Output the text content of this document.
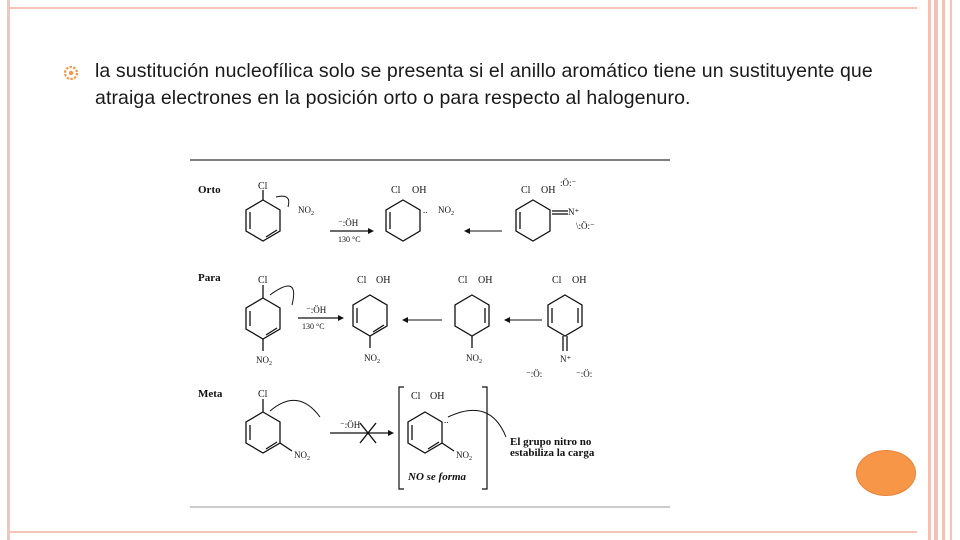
la sustitución nucleofílica solo se presenta si el anillo aromático tiene un sustituyente que atraiga electrones en la posición orto o para respecto al halogenuro.
Orto	Cl
$NO_2$
⁻:ÖH
130 °C
Cl OH
.. $NO_2$
Cl OH
:Ö:⁻
N⁺
\:Ö:⁻
Para	Cl
$NO_2$
⁻:ÖH
130 °C
Cl OH
$NO_2$
Cl OH
$NO_2$
Cl OH
N⁺
⁻:Ö:	⁻:Ö:
Meta	Cl
$NO_2$
⁻:ÖH
Cl OH
..
$NO_2$
NO se forma
El grupo nitro no
estabiliza la carga
